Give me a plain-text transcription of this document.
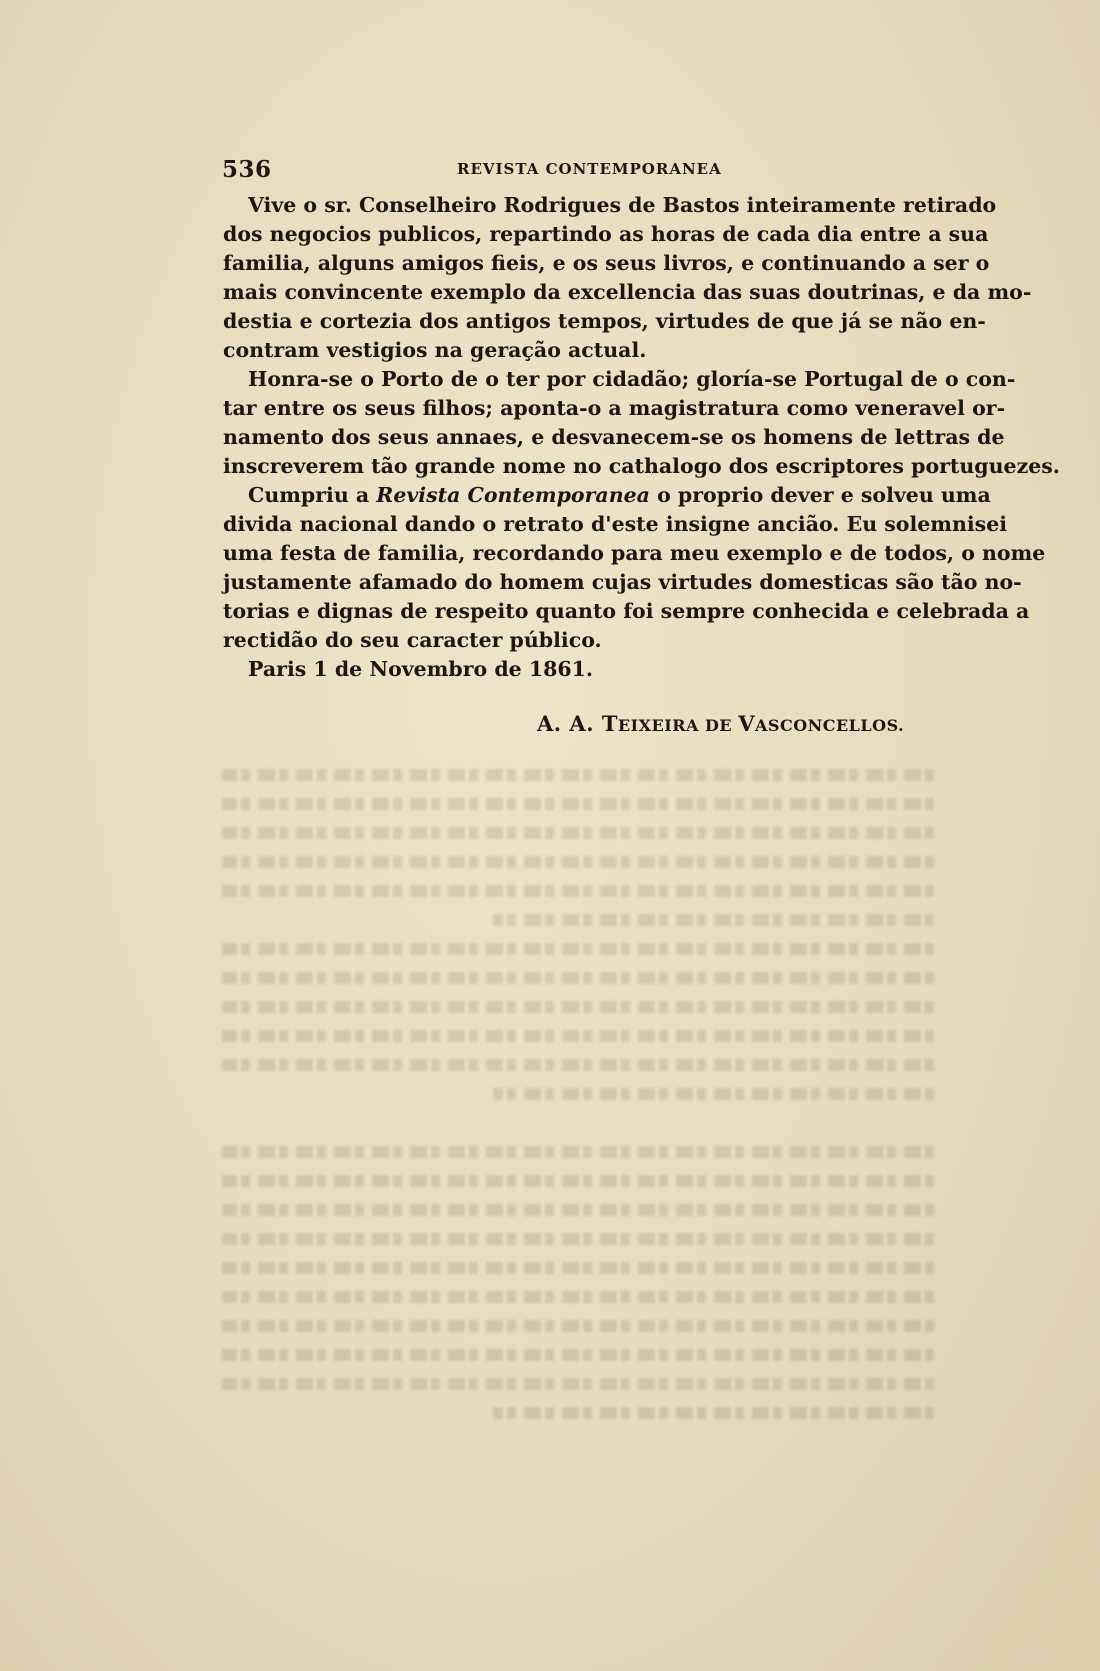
536	REVISTA CONTEMPORANEA
Vive o sr. Conselheiro Rodrigues de Bastos inteiramente retirado
dos negocios publicos, repartindo as horas de cada dia entre a sua
familia, alguns amigos fieis, e os seus livros, e continuando a ser o
mais convincente exemplo da excellencia das suas doutrinas, e da mo-
destia e cortezia dos antigos tempos, virtudes de que já se não en-
contram vestigios na geração actual.
Honra-se o Porto de o ter por cidadão; gloría-se Portugal de o con-
tar entre os seus filhos; aponta-o a magistratura como veneravel or-
namento dos seus annaes, e desvanecem-se os homens de lettras de
inscreverem tão grande nome no cathalogo dos escriptores portuguezes.
Cumpriu a Revista Contemporanea o proprio dever e solveu uma
divida nacional dando o retrato d'este insigne ancião. Eu solemnisei
uma festa de familia, recordando para meu exemplo e de todos, o nome
justamente afamado do homem cujas virtudes domesticas são tão no-
torias e dignas de respeito quanto foi sempre conhecida e celebrada a
rectidão do seu caracter público.
Paris 1 de Novembro de 1861.
A. A. TEIXEIRA DE VASCONCELLOS.
